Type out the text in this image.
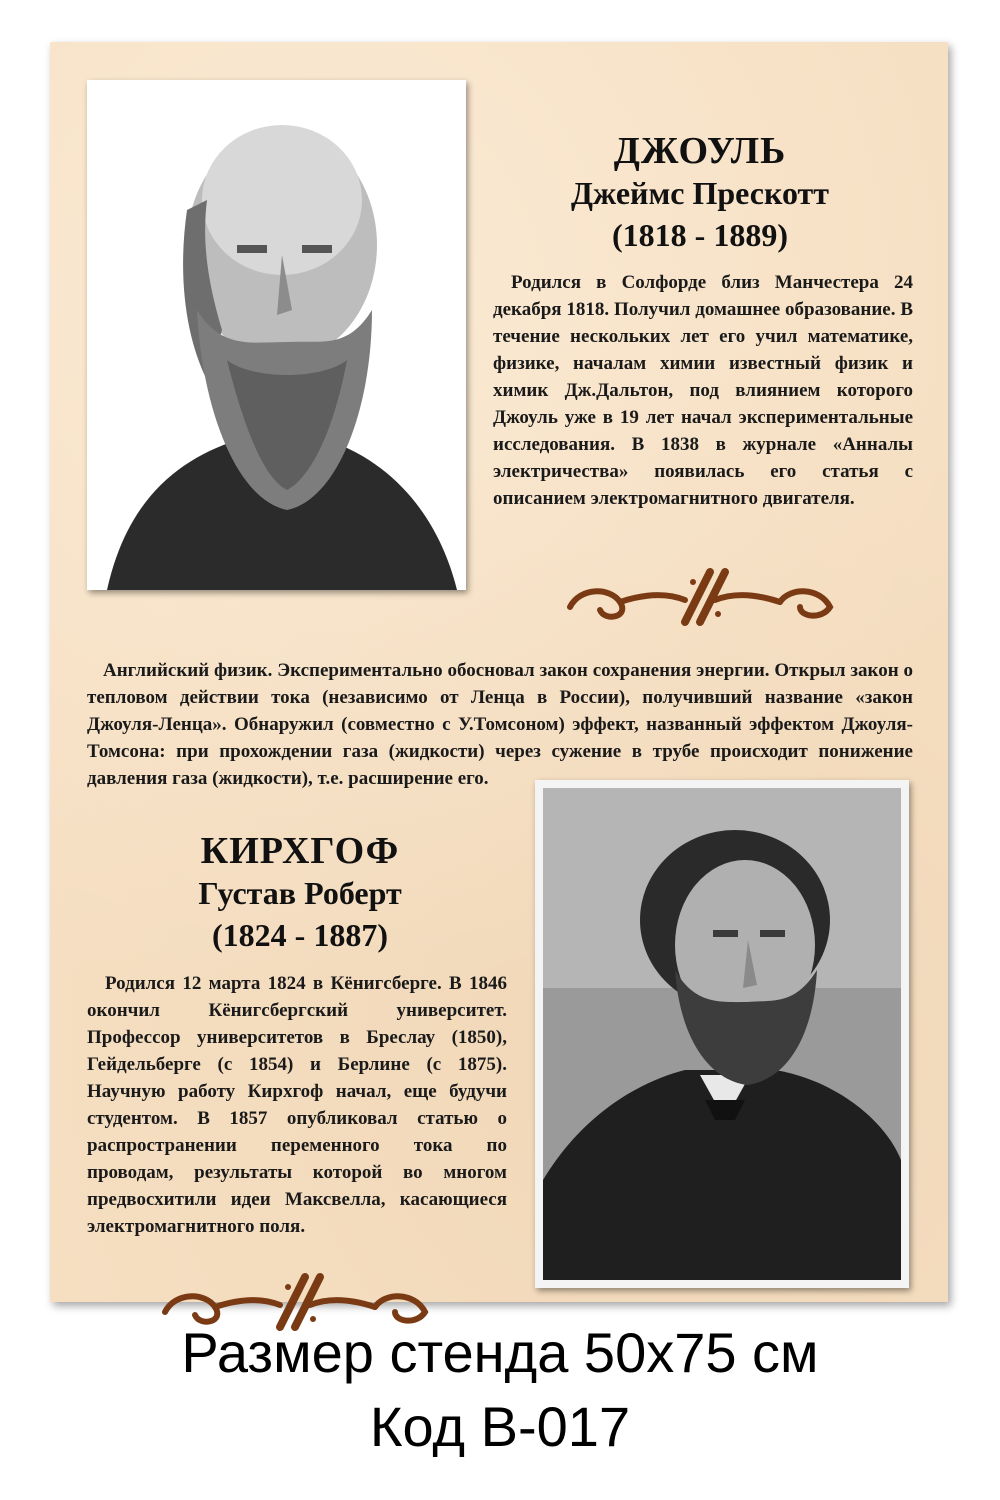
ДЖОУЛЬ
Джеймс Прескотт
(1818 - 1889)

Родился в Солфорде близ Манчестера 24 декабря 1818. Получил домашнее образование. В течение нескольких лет его учил математике, физике, началам химии известный физик и химик Дж.Дальтон, под влиянием которого Джоуль уже в 19 лет начал экспериментальные исследования. В 1838 в журнале «Анналы электричества» появилась его статья с описанием электромагнитного двигателя.

Английский физик. Экспериментально обосновал закон сохранения энергии. Открыл закон о тепловом действии тока (независимо от Ленца в России), получивший название «закон Джоуля-Ленца». Обнаружил (совместно с У.Томсоном) эффект, названный эффектом Джоуля-Томсона: при прохождении газа (жидкости) через сужение в трубе происходит понижение давления газа (жидкости), т.е. расширение его.

КИРХГОФ
Густав Роберт
(1824 - 1887)

Родился 12 марта 1824 в Кёнигсберге. В 1846 окончил Кёнигсбергский университет. Профессор университетов в Бреслау (1850), Гейдельберге (с 1854) и Берлине (с 1875). Научную работу Кирхгоф начал, еще будучи студентом. В 1857 опубликовал статью о распространении переменного тока по проводам, результаты которой во многом предвосхитили идеи Максвелла, касающиеся электромагнитного поля.

Размер стенда 50x75 см
Код В-017
